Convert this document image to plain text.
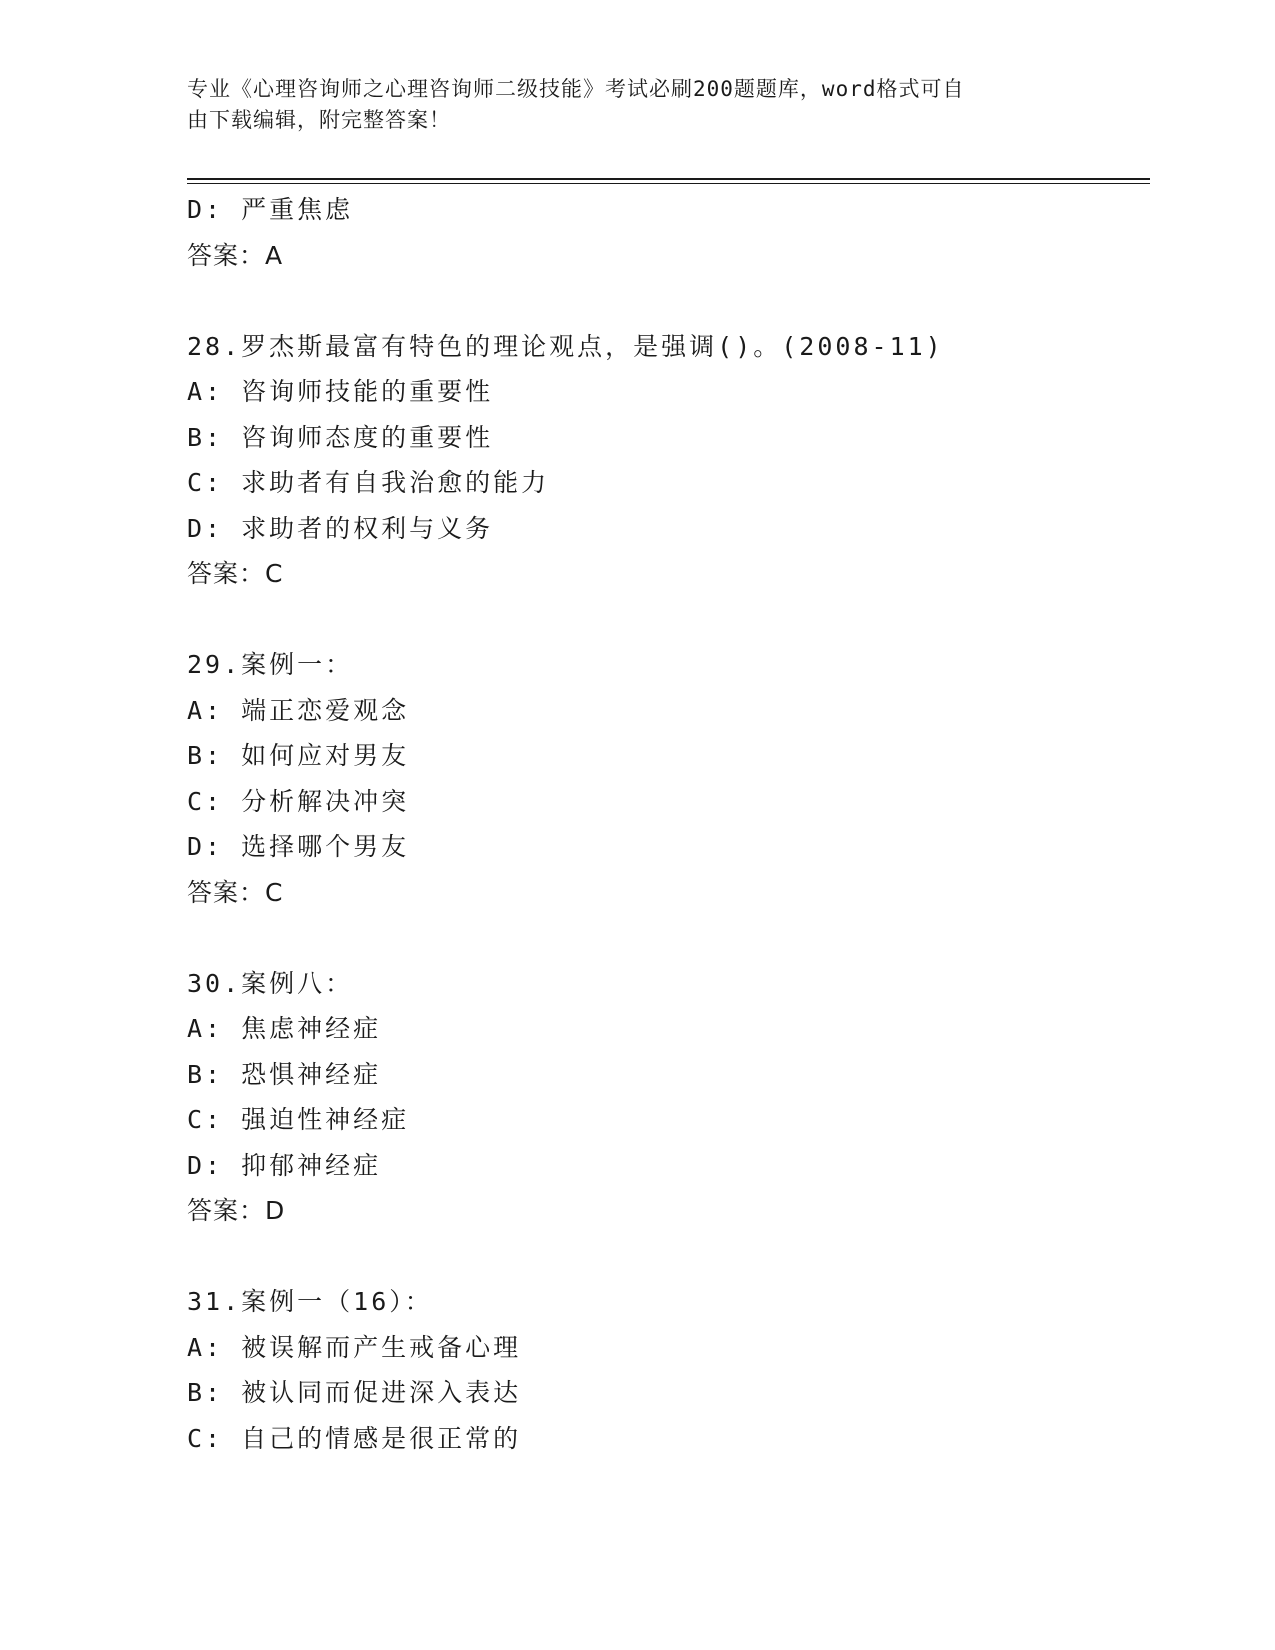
专业《心理咨询师之心理咨询师二级技能》考试必刷200题题库，word格式可自
由下载编辑，附完整答案！
D: 严重焦虑
答案：A
28.罗杰斯最富有特色的理论观点，是强调()。(2008-11)
A: 咨询师技能的重要性
B: 咨询师态度的重要性
C: 求助者有自我治愈的能力
D: 求助者的权利与义务
答案：C
29.案例一：
A: 端正恋爱观念
B: 如何应对男友
C: 分析解决冲突
D: 选择哪个男友
答案：C
30.案例八：
A: 焦虑神经症
B: 恐惧神经症
C: 强迫性神经症
D: 抑郁神经症
答案：D
31.案例一（16）：
A: 被误解而产生戒备心理
B: 被认同而促进深入表达
C: 自己的情感是很正常的
